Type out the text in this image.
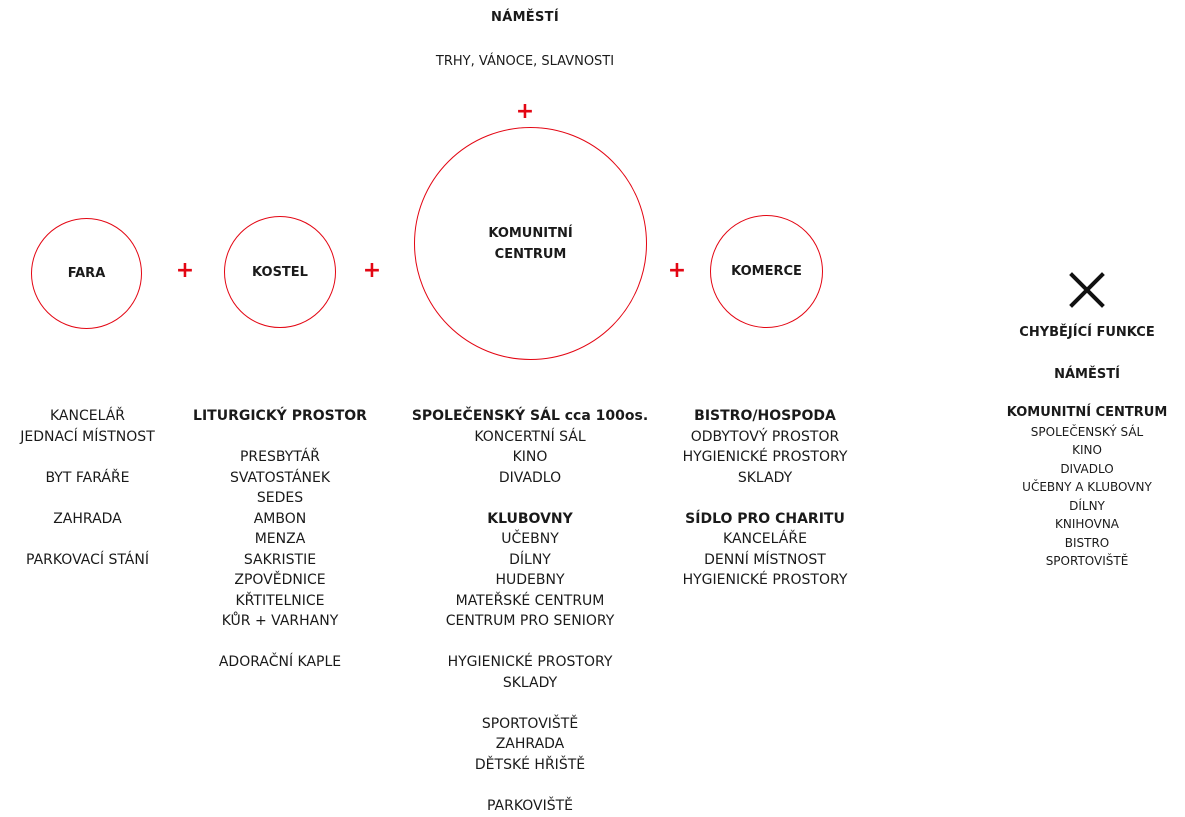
NÁMĚSTÍ
TRHY, VÁNOCE, SLAVNOSTI
+
FARA	+	KOSTEL +
KOMUNITNÍ
CENTRUM
+	KOMERCE
CHYBĚJÍCÍ FUNKCE
NÁMĚSTÍ
KOMUNITNÍ CENTRUM
SPOLEČENSKÝ SÁL
KINO
DIVADLO
UČEBNY A KLUBOVNY
DÍLNY
KNIHOVNA
BISTRO
SPORTOVIŠTĚ
KANCELÁŘ
JEDNACÍ MÍSTNOST
BYT FARÁŘE
ZAHRADA
PARKOVACÍ STÁNÍ
LITURGICKÝ PROSTOR
PRESBYTÁŘ
SVATOSTÁNEK
SEDES
AMBON
MENZA
SAKRISTIE
ZPOVĚDNICE
KŘTITELNICE
KŮR + VARHANY
ADORAČNÍ KAPLE
SPOLEČENSKÝ SÁL cca 100os.
KONCERTNÍ SÁL
KINO
DIVADLO
KLUBOVNY
UČEBNY
DÍLNY
HUDEBNY
MATEŘSKÉ CENTRUM
CENTRUM PRO SENIORY
HYGIENICKÉ PROSTORY
SKLADY
SPORTOVIŠTĚ
ZAHRADA
DĚTSKÉ HŘIŠTĚ
PARKOVIŠTĚ
BISTRO/HOSPODA
ODBYTOVÝ PROSTOR
HYGIENICKÉ PROSTORY
SKLADY
SÍDLO PRO CHARITU
KANCELÁŘE
DENNÍ MÍSTNOST
HYGIENICKÉ PROSTORY
